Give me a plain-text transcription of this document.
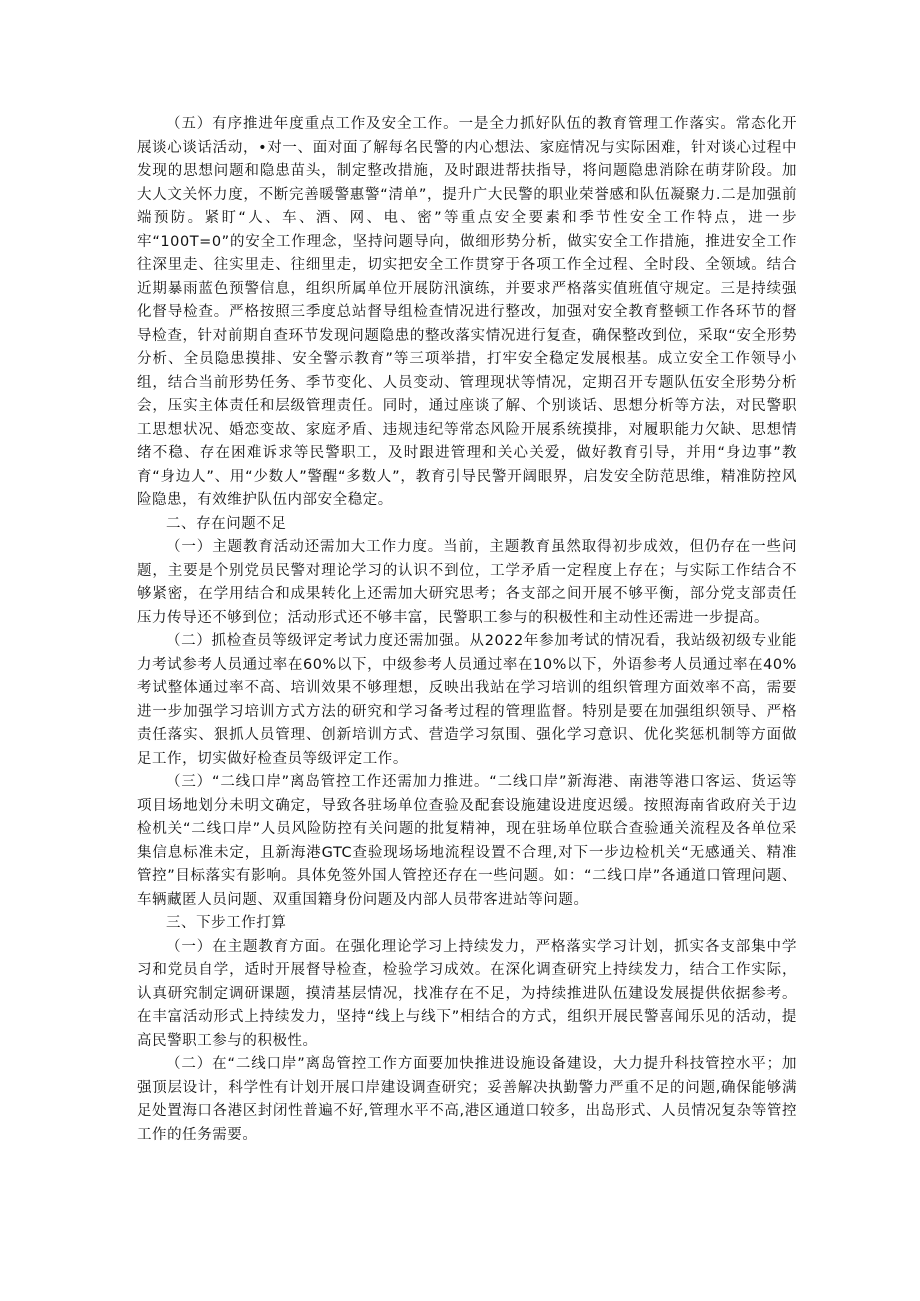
（五）有序推进年度重点工作及安全工作。一是全力抓好队伍的教育管理工作落实。常态化开展谈心谈话活动，•对一、面对面了解每名民警的内心想法、家庭情况与实际困难，针对谈心过程中发现的思想问题和隐患苗头，制定整改措施，及时跟进帮扶指导，将问题隐患消除在萌芽阶段。加大人文关怀力度，不断完善暖警惠警“清单”，提升广大民警的职业荣誉感和队伍凝聚力.二是加强前端预防。紧盯“人、车、酒、网、电、密”等重点安全要素和季节性安全工作特点，进一步牢“100T=0”的安全工作理念，坚持问题导向，做细形势分析，做实安全工作措施，推进安全工作往深里走、往实里走、往细里走，切实把安全工作贯穿于各项工作全过程、全时段、全领域。结合近期暴雨蓝色预警信息，组织所属单位开展防汛演练，并要求严格落实值班值守规定。三是持续强化督导检查。严格按照三季度总站督导组检查情况进行整改，加强对安全教育整顿工作各环节的督导检查，针对前期自查环节发现问题隐患的整改落实情况进行复查，确保整改到位，采取“安全形势分析、全员隐患摸排、安全警示教育”等三项举措，打牢安全稳定发展根基。成立安全工作领导小组，结合当前形势任务、季节变化、人员变动、管理现状等情况，定期召开专题队伍安全形势分析会，压实主体责任和层级管理责任。同时，通过座谈了解、个别谈话、思想分析等方法，对民警职工思想状况、婚恋变故、家庭矛盾、违规违纪等常态风险开展系统摸排，对履职能力欠缺、思想情绪不稳、存在困难诉求等民警职工，及时跟进管理和关心关爱，做好教育引导，并用“身边事”教育“身边人”、用“少数人”警醒“多数人”，教育引导民警开阔眼界，启发安全防范思维，精准防控风险隐患，有效维护队伍内部安全稳定。

二、存在问题不足

（一）主题教育活动还需加大工作力度。当前，主题教育虽然取得初步成效，但仍存在一些问题，主要是个别党员民警对理论学习的认识不到位，工学矛盾一定程度上存在；与实际工作结合不够紧密，在学用结合和成果转化上还需加大研究思考；各支部之间开展不够平衡，部分党支部责任压力传导还不够到位；活动形式还不够丰富，民警职工参与的积极性和主动性还需进一步提高。

（二）抓检查员等级评定考试力度还需加强。从2022年参加考试的情况看，我站级初级专业能力考试参考人员通过率在60%以下，中级参考人员通过率在10%以下，外语参考人员通过率在40%考试整体通过率不高、培训效果不够理想，反映出我站在学习培训的组织管理方面效率不高，需要进一步加强学习培训方式方法的研究和学习备考过程的管理监督。特别是要在加强组织领导、严格责任落实、狠抓人员管理、创新培训方式、营造学习氛围、强化学习意识、优化奖惩机制等方面做足工作，切实做好检查员等级评定工作。

（三）“二线口岸”离岛管控工作还需加力推进。“二线口岸”新海港、南港等港口客运、货运等项目场地划分未明文确定，导致各驻场单位查验及配套设施建设进度迟缓。按照海南省政府关于边检机关“二线口岸”人员风险防控有关问题的批复精神，现在驻场单位联合查验通关流程及各单位采集信息标准未定，且新海港GTC查验现场场地流程设置不合理,对下一步边检机关“无感通关、精准管控”目标落实有影响。具体免签外国人管控还存在一些问题。如：“二线口岸”各通道口管理问题、车辆藏匿人员问题、双重国籍身份问题及内部人员带客进站等问题。

三、下步工作打算

（一）在主题教育方面。在强化理论学习上持续发力，严格落实学习计划，抓实各支部集中学习和党员自学，适时开展督导检查，检验学习成效。在深化调查研究上持续发力，结合工作实际，认真研究制定调研课题，摸清基层情况，找准存在不足，为持续推进队伍建设发展提供依据参考。在丰富活动形式上持续发力，坚持“线上与线下”相结合的方式，组织开展民警喜闻乐见的活动，提高民警职工参与的积极性。

（二）在“二线口岸”离岛管控工作方面要加快推进设施设备建设，大力提升科技管控水平；加强顶层设计，科学性有计划开展口岸建设调查研究；妥善解决执勤警力严重不足的问题,确保能够满足处置海口各港区封闭性普遍不好,管理水平不高,港区通道口较多，出岛形式、人员情况复杂等管控工作的任务需要。
